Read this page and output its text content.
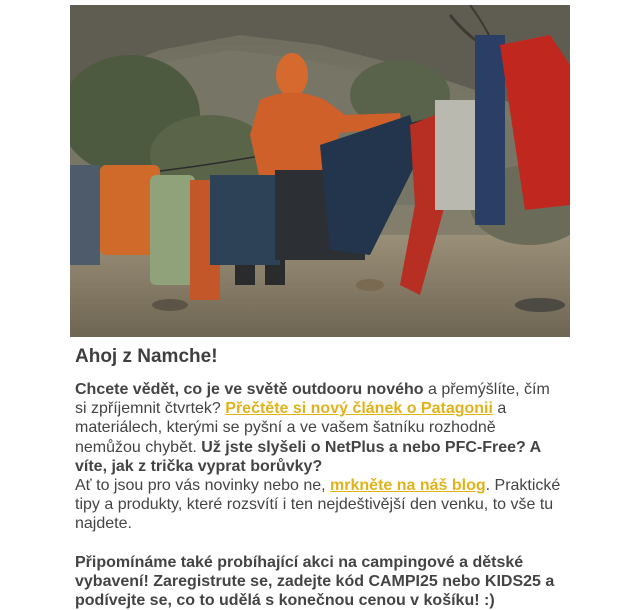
Ahoj z Namche!

Chcete vědět, co je ve světě outdooru nového a přemýšlíte, čím si zpříjemnit čtvrtek? Přečtěte si nový článek o Patagonii a materiálech, kterými se pyšní a ve vašem šatníku rozhodně nemůžou chybět. Už jste slyšeli o NetPlus a nebo PFC-Free? A víte, jak z trička vyprat borůvky?
Ať to jsou pro vás novinky nebo ne, mrkněte na náš blog. Praktické tipy a produkty, které rozsvítí i ten nejdeštivější den venku, to vše tu najdete.

Připomínáme také probíhající akci na campingové a dětské vybavení! Zaregistrute se, zadejte kód CAMPI25 nebo KIDS25 a podívejte se, co to udělá s konečnou cenou v košíku! :)
